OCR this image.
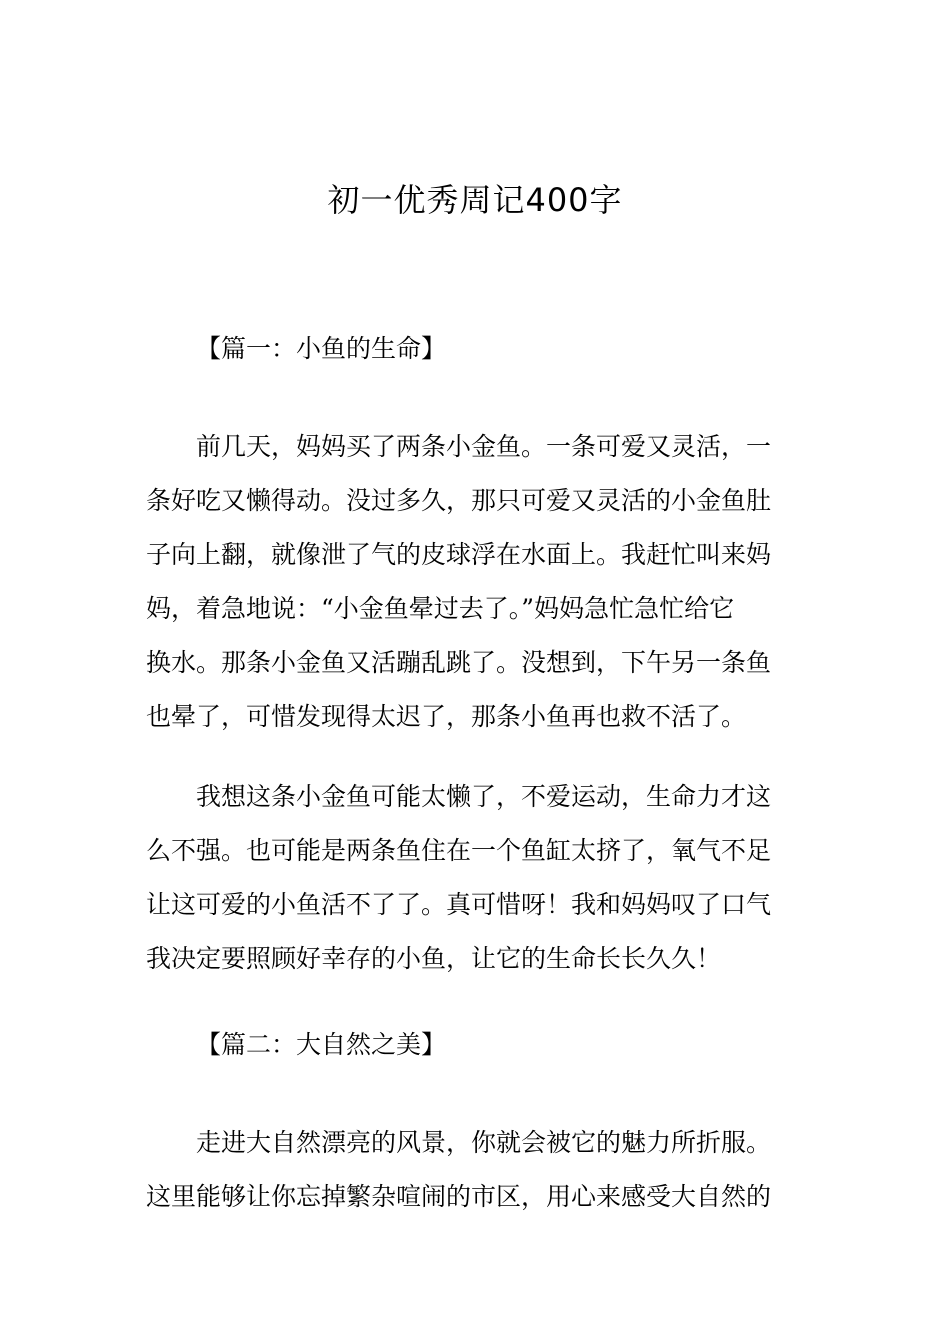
初一优秀周记400字
【篇一：小鱼的生命】
前几天，妈妈买了两条小金鱼。一条可爱又灵活，一
条好吃又懒得动。没过多久，那只可爱又灵活的小金鱼肚
子向上翻，就像泄了气的皮球浮在水面上。我赶忙叫来妈
妈，着急地说：“小金鱼晕过去了。”妈妈急忙急忙给它
换水。那条小金鱼又活蹦乱跳了。没想到，下午另一条鱼
也晕了，可惜发现得太迟了，那条小鱼再也救不活了。
我想这条小金鱼可能太懒了，不爱运动，生命力才这
么不强。也可能是两条鱼住在一个鱼缸太挤了，氧气不足
让这可爱的小鱼活不了了。真可惜呀！我和妈妈叹了口气
我决定要照顾好幸存的小鱼，让它的生命长长久久！
【篇二：大自然之美】
走进大自然漂亮的风景，你就会被它的魅力所折服。
这里能够让你忘掉繁杂喧闹的市区，用心来感受大自然的
